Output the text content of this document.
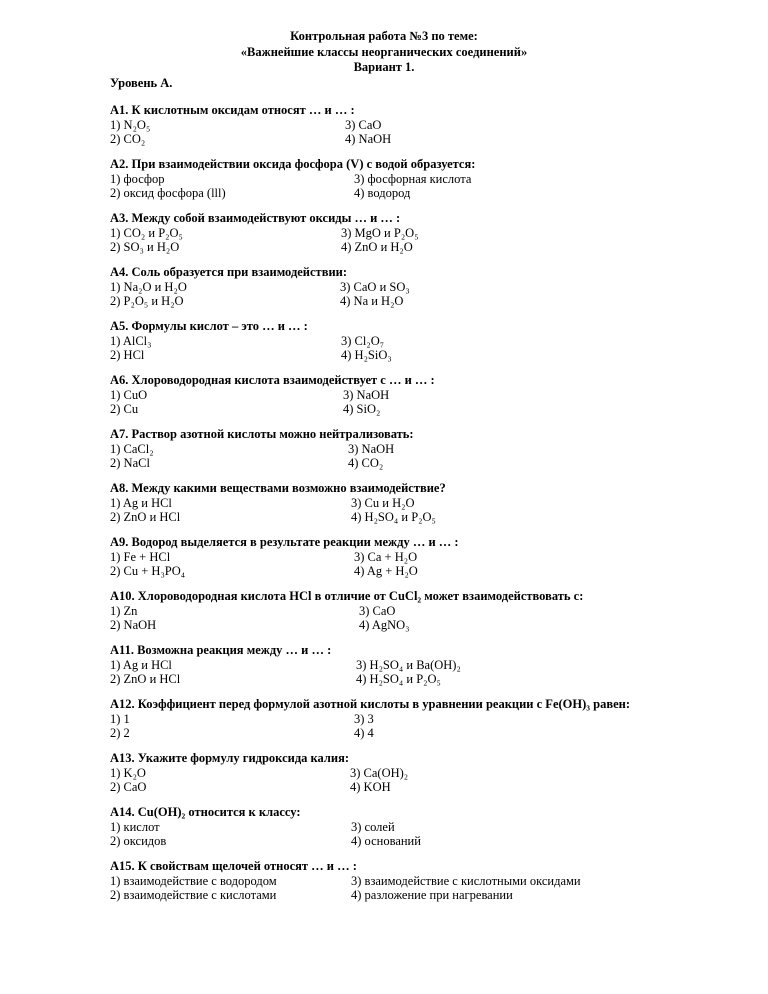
Контрольная работа №3 по теме:
«Важнейшие классы неорганических соединений»
Вариант 1.
Уровень А.
А1. К кислотным оксидам относят … и … :
1) N₂O₅	3) CaO
2) CO₂	4) NaOH
А2. При взаимодействии оксида фосфора (V) с водой образуется:
1) фосфор	3) фосфорная кислота
2) оксид фосфора (lll)	4) водород
А3. Между собой взаимодействуют оксиды … и … :
1) CO₂ и P₂O₅	3) MgO и P₂O₅
2) SO₃ и H₂O	4) ZnO и H₂O
А4. Соль образуется при взаимодействии:
1) Na₂O и H₂O	3) CaO и SO₃
2) P₂O₅ и H₂O	4) Na и H₂O
А5. Формулы кислот – это … и … :
1) AlCl₃	3) Cl₂O₇
2) HCl	4) H₂SiO₃
А6. Хлороводородная кислота взаимодействует с … и … :
1) CuO	3) NaOH
2) Cu	4) SiO₂
А7. Раствор азотной кислоты можно нейтрализовать:
1) CaCl₂	3) NaOH
2) NaCl	4) CO₂
А8. Между какими веществами возможно взаимодействие?
1) Ag и HCl	3) Cu и H₂O
2) ZnO и HCl	4) H₂SO₄ и P₂O₅
А9. Водород выделяется в результате реакции между … и … :
1) Fe + HCl	3) Ca + H₂O
2) Cu + H₃PO₄	4) Ag + H₂O
А10. Хлороводородная кислота HCl в отличие от CuCl₂ может взаимодействовать с:
1) Zn	3) CaO
2) NaOH	4) AgNO₃
А11. Возможна реакция между … и … :
1) Ag и HCl	3) H₂SO₄ и Ba(OH)₂
2) ZnO и HCl	4) H₂SO₄ и P₂O₅
А12. Коэффициент перед формулой азотной кислоты в уравнении реакции с Fe(OH)₃ равен:
1) 1	3) 3
2) 2	4) 4
А13. Укажите формулу гидроксида калия:
1) K₂O	3) Ca(OH)₂
2) CaO	4) KOH
А14. Cu(OH)₂ относится к классу:
1) кислот	3) солей
2) оксидов	4) оснований
А15. К свойствам щелочей относят … и … :
1) взаимодействие с водородом	3) взаимодействие с кислотными оксидами
2) взаимодействие с кислотами	4) разложение при нагревании
